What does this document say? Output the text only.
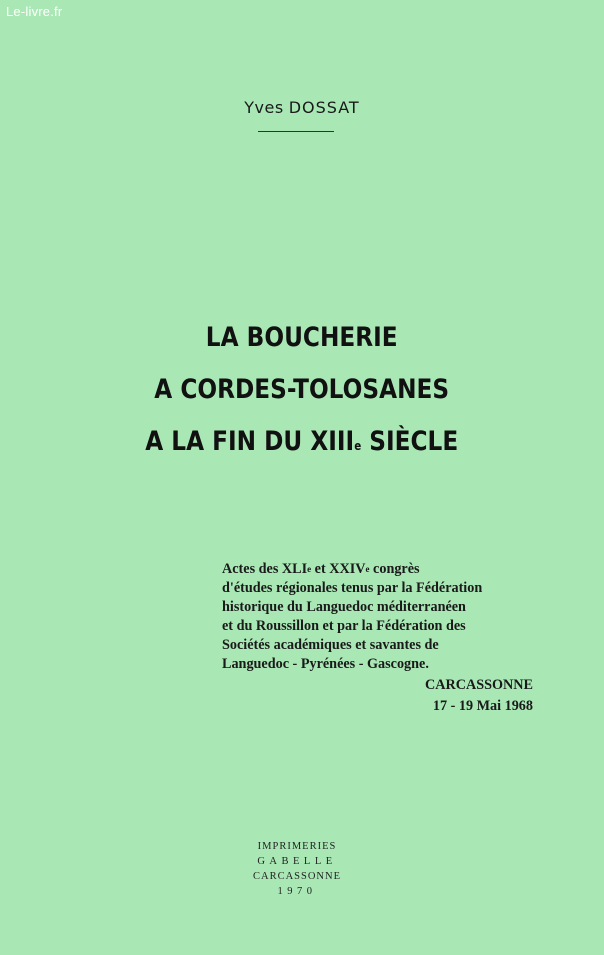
Le-livre.fr
Yves DOSSAT
LA BOUCHERIE
A CORDES-TOLOSANES
A LA FIN DU XIIIe SIÈCLE
Actes des XLIe et XXIVe congrès
d'études régionales tenus par la Fédération
historique du Languedoc méditerranéen
et du Roussillon et par la Fédération des
Sociétés académiques et savantes de
Languedoc - Pyrénées - Gascogne.
CARCASSONNE
17 - 19 Mai 1968
IMPRIMERIES
GABELLE
CARCASSONNE
1970
